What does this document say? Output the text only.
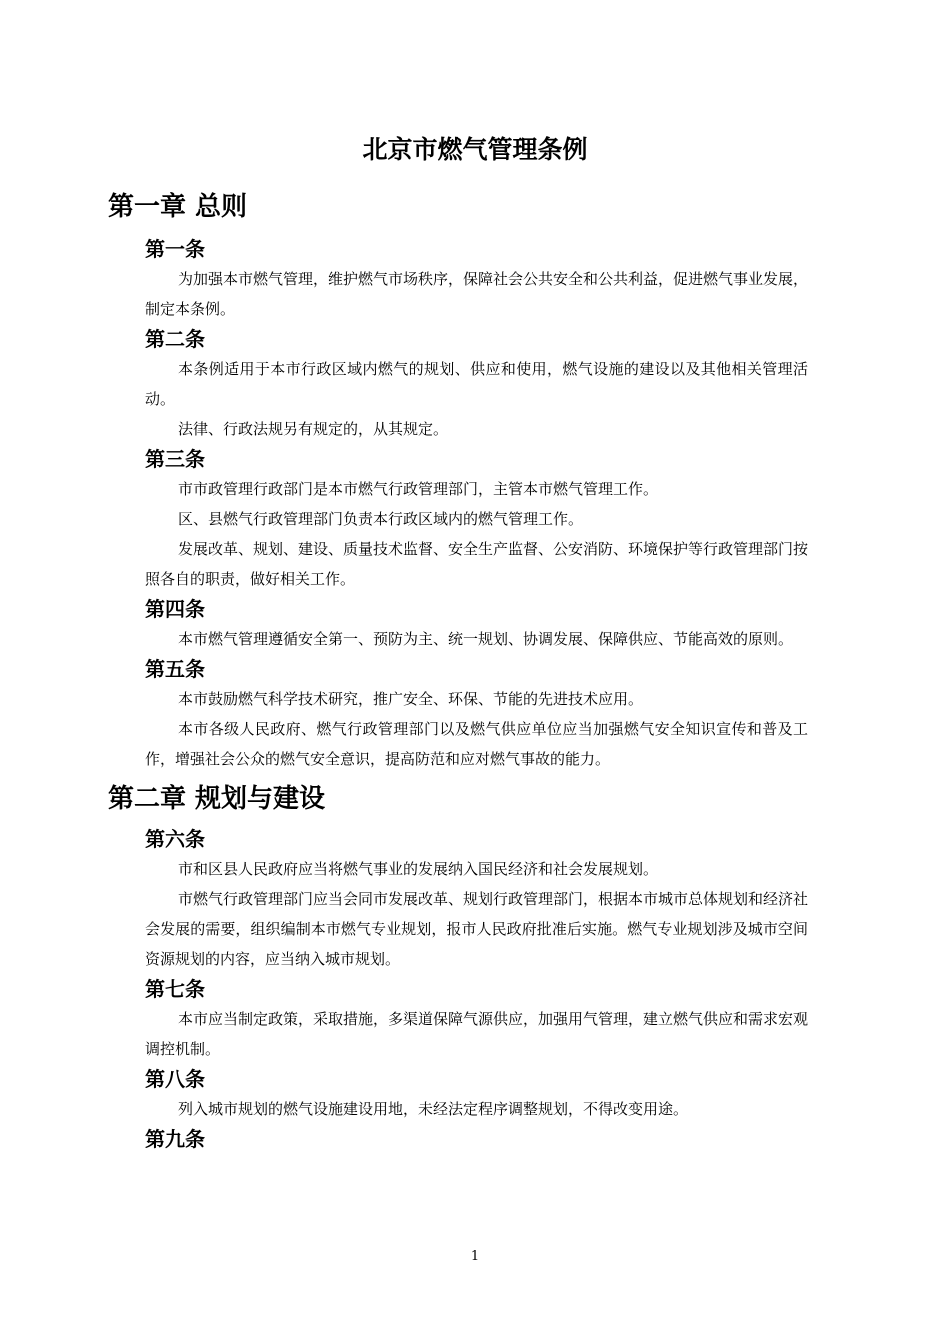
北京市燃气管理条例
第一章 总则
第一条

为加强本市燃气管理，维护燃气市场秩序，保障社会公共安全和公共利益，促进燃气事业发展，制定本条例。

第二条

本条例适用于本市行政区域内燃气的规划、供应和使用，燃气设施的建设以及其他相关管理活动。

法律、行政法规另有规定的，从其规定。

第三条

市市政管理行政部门是本市燃气行政管理部门，主管本市燃气管理工作。

区、县燃气行政管理部门负责本行政区域内的燃气管理工作。

发展改革、规划、建设、质量技术监督、安全生产监督、公安消防、环境保护等行政管理部门按照各自的职责，做好相关工作。

第四条

本市燃气管理遵循安全第一、预防为主、统一规划、协调发展、保障供应、节能高效的原则。

第五条

本市鼓励燃气科学技术研究，推广安全、环保、节能的先进技术应用。

本市各级人民政府、燃气行政管理部门以及燃气供应单位应当加强燃气安全知识宣传和普及工作，增强社会公众的燃气安全意识，提高防范和应对燃气事故的能力。

第二章 规划与建设
第六条

市和区县人民政府应当将燃气事业的发展纳入国民经济和社会发展规划。

市燃气行政管理部门应当会同市发展改革、规划行政管理部门，根据本市城市总体规划和经济社会发展的需要，组织编制本市燃气专业规划，报市人民政府批准后实施。燃气专业规划涉及城市空间资源规划的内容，应当纳入城市规划。

第七条

本市应当制定政策，采取措施，多渠道保障气源供应，加强用气管理，建立燃气供应和需求宏观调控机制。

第八条

列入城市规划的燃气设施建设用地，未经法定程序调整规划，不得改变用途。

第九条
1
